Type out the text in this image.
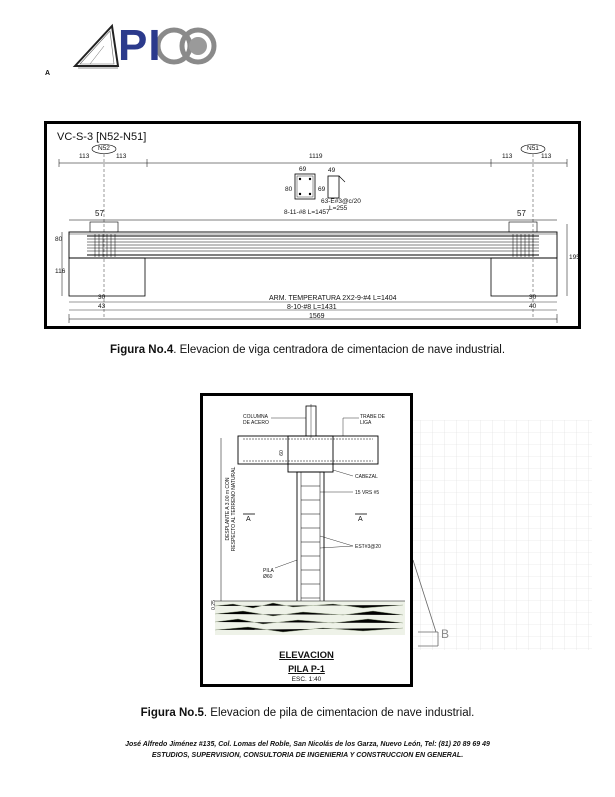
PI
A
VC-S-3 [N52-N51]
113	113	1119	113	113
N52	N51
69	49
80	69
63-E#3@c/20
L=255
8-11-#8 L=1457
57	57
80
116
195
30
43
30
40
ARM. TEMPERATURA 2X2-9-#4 L=1404
8-10-#8 L=1431
1569
Figura No.4. Elevacion de viga centradora de cimentacion de nave industrial.
B
COLUMNA
DE ACERO
TRABE DE
LIGA
CABEZAL
15 VRS #5
EST#3@20
PILA
Ø60
DESPLANTE A 3.00 m CON RESPECTO AL TERRENO NATURAL A	A
60
0.25
ELEVACION
PILA P-1
ESC. 1:40
Figura No.5. Elevacion de pila de cimentacion de nave industrial.
José Alfredo Jiménez #135, Col. Lomas del Roble, San Nicolás de los Garza, Nuevo León, Tel: (81) 20 89 69 49
ESTUDIOS, SUPERVISION, CONSULTORIA DE INGENIERIA Y CONSTRUCCION EN GENERAL.
